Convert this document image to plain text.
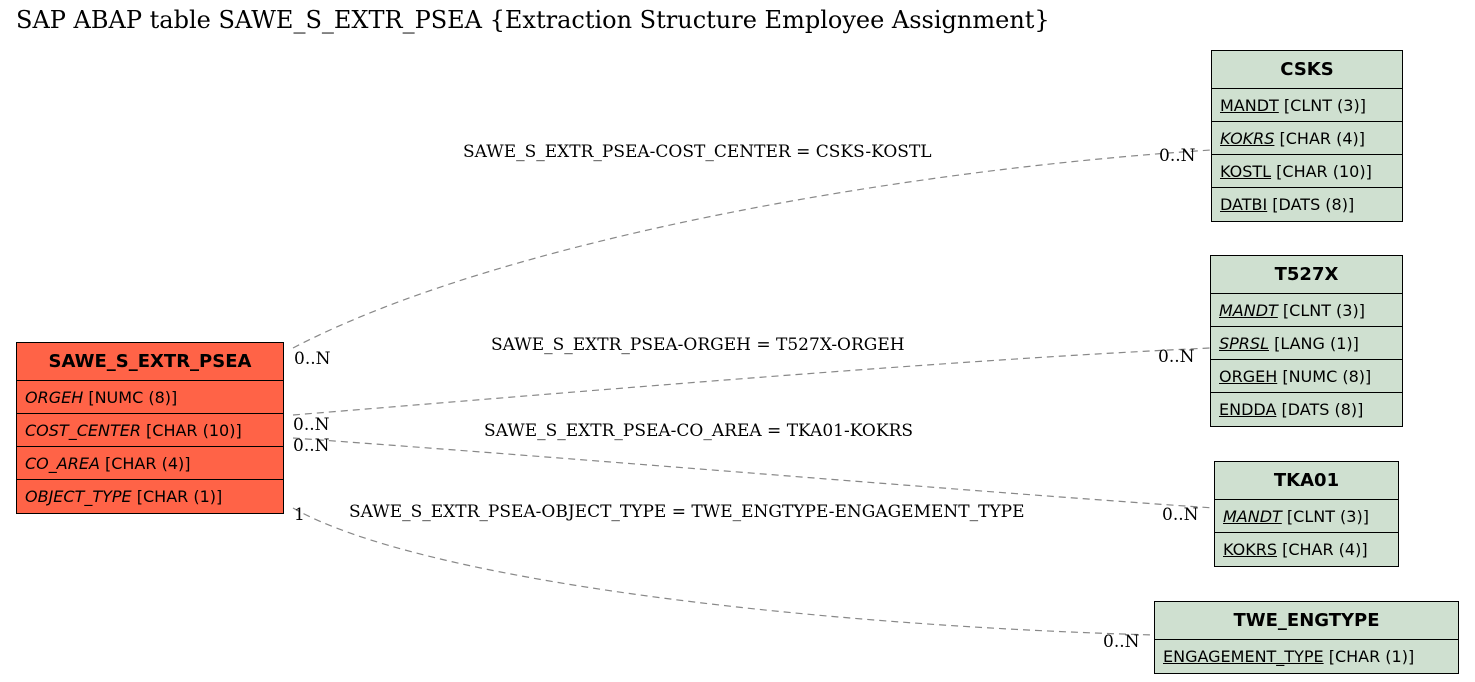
SAP ABAP table SAWE_S_EXTR_PSEA {Extraction Structure Employee Assignment}
SAWE_S_EXTR_PSEA-COST_CENTER = CSKS-KOSTL
SAWE_S_EXTR_PSEA-ORGEH = T527X-ORGEH
SAWE_S_EXTR_PSEA-CO_AREA = TKA01-KOKRS
SAWE_S_EXTR_PSEA-OBJECT_TYPE = TWE_ENGTYPE-ENGAGEMENT_TYPE
0..N
0..N
0..N
0..N
0..N
0..N
1
0..N
SAWE_S_EXTR_PSEA
ORGEH [NUMC (8)]
COST_CENTER [CHAR (10)]
CO_AREA [CHAR (4)]
OBJECT_TYPE [CHAR (1)]
CSKS
MANDT [CLNT (3)]
KOKRS [CHAR (4)]
KOSTL [CHAR (10)]
DATBI [DATS (8)]
T527X
MANDT [CLNT (3)]
SPRSL [LANG (1)]
ORGEH [NUMC (8)]
ENDDA [DATS (8)]
TKA01
MANDT [CLNT (3)]
KOKRS [CHAR (4)]
TWE_ENGTYPE
ENGAGEMENT_TYPE [CHAR (1)]
